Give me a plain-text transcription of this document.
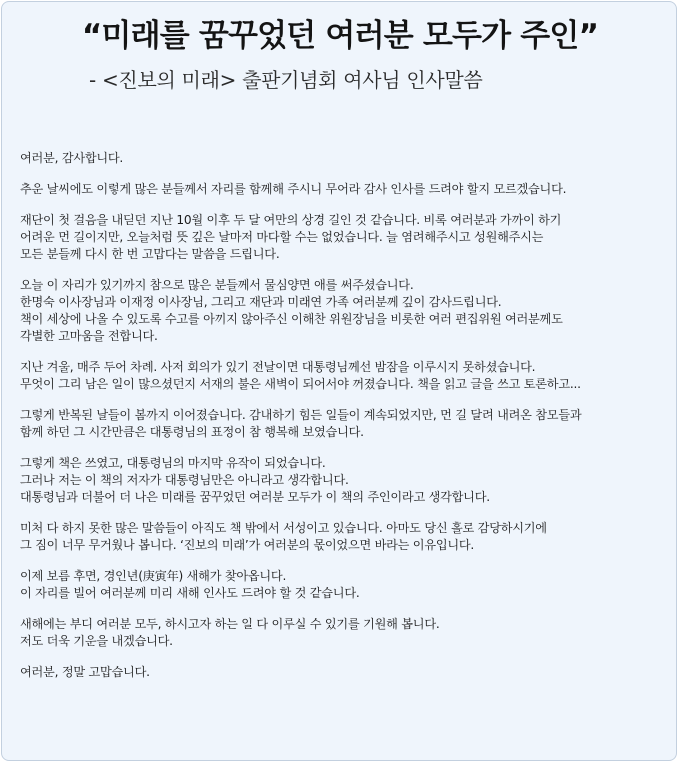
“미래를 꿈꾸었던 여러분 모두가 주인”
- <진보의 미래> 출판기념회 여사님 인사말씀
여러분, 감사합니다.
추운 날씨에도 이렇게 많은 분들께서 자리를 함께해 주시니 무어라 감사 인사를 드려야 할지 모르겠습니다.
재단이 첫 걸음을 내딛던 지난 10월 이후 두 달 여만의 상경 길인 것 같습니다. 비록 여러분과 가까이 하기
어려운 먼 길이지만, 오늘처럼 뜻 깊은 날마저 마다할 수는 없었습니다. 늘 염려해주시고 성원해주시는
모든 분들께 다시 한 번 고맙다는 말씀을 드립니다.
오늘 이 자리가 있기까지 참으로 많은 분들께서 물심양면 애를 써주셨습니다.
한명숙 이사장님과 이재정 이사장님, 그리고 재단과 미래연 가족 여러분께 깊이 감사드립니다.
책이 세상에 나올 수 있도록 수고를 아끼지 않아주신 이해찬 위원장님을 비롯한 여러 편집위원 여러분께도
각별한 고마움을 전합니다.
지난 겨울, 매주 두어 차례. 사저 회의가 있기 전날이면 대통령님께선 밤잠을 이루시지 못하셨습니다.
무엇이 그리 남은 일이 많으셨던지 서재의 불은 새벽이 되어서야 꺼졌습니다. 책을 읽고 글을 쓰고 토론하고...
그렇게 반복된 날들이 봄까지 이어졌습니다. 감내하기 힘든 일들이 계속되었지만, 먼 길 달려 내려온 참모들과
함께 하던 그 시간만큼은 대통령님의 표정이 참 행복해 보였습니다.
그렇게 책은 쓰였고, 대통령님의 마지막 유작이 되었습니다.
그러나 저는 이 책의 저자가 대통령님만은 아니라고 생각합니다.
대통령님과 더불어 더 나은 미래를 꿈꾸었던 여러분 모두가 이 책의 주인이라고 생각합니다.
미처 다 하지 못한 많은 말씀들이 아직도 책 밖에서 서성이고 있습니다. 아마도 당신 홀로 감당하시기에
그 짐이 너무 무거웠나 봅니다. ‘진보의 미래’가 여러분의 몫이었으면 바라는 이유입니다.
이제 보름 후면, 경인년(庚寅年) 새해가 찾아옵니다.
이 자리를 빌어 여러분께 미리 새해 인사도 드려야 할 것 같습니다.
새해에는 부디 여러분 모두, 하시고자 하는 일 다 이루실 수 있기를 기원해 봅니다.
저도 더욱 기운을 내겠습니다.
여러분, 정말 고맙습니다.
